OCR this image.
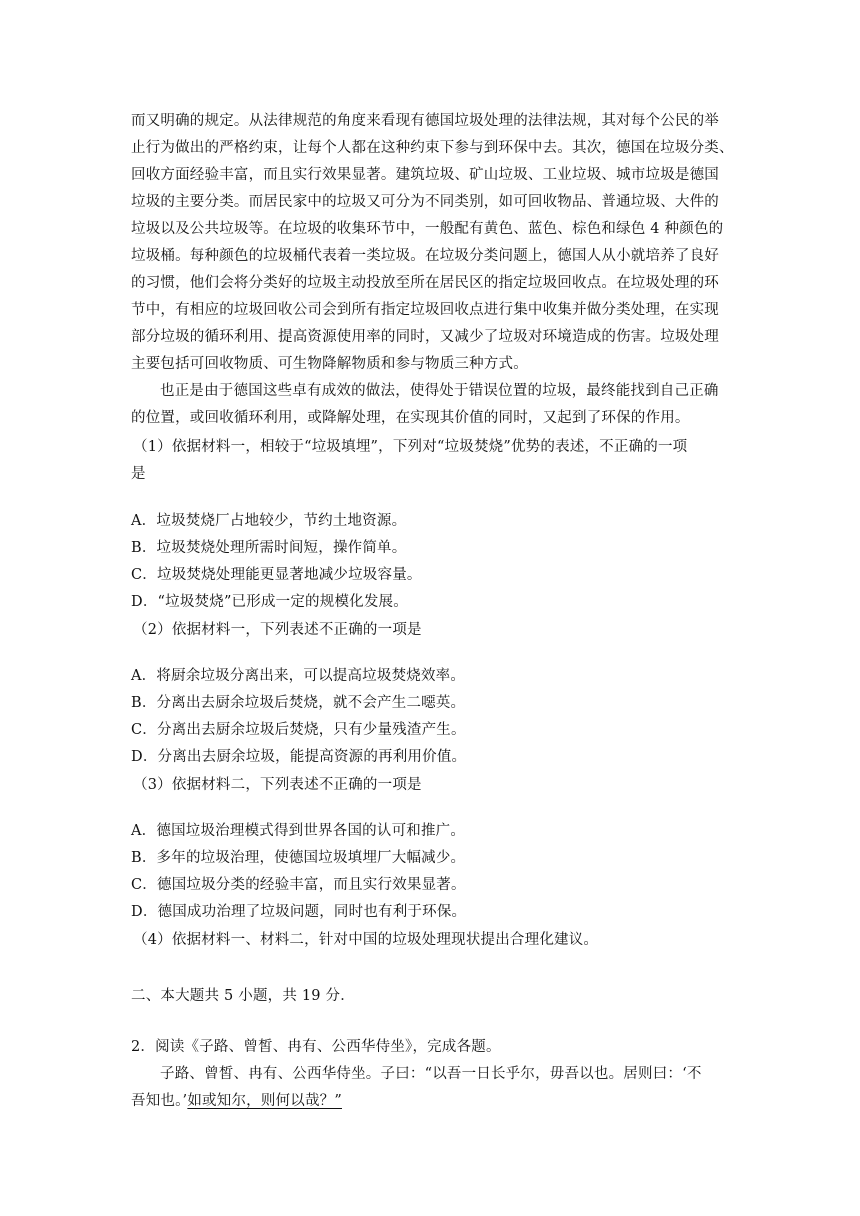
而又明确的规定。从法律规范的角度来看现有德国垃圾处理的法律法规，其对每个公民的举
止行为做出的严格约束，让每个人都在这种约束下参与到环保中去。其次，德国在垃圾分类、
回收方面经验丰富，而且实行效果显著。建筑垃圾、矿山垃圾、工业垃圾、城市垃圾是德国
垃圾的主要分类。而居民家中的垃圾又可分为不同类别，如可回收物品、普通垃圾、大件的
垃圾以及公共垃圾等。在垃圾的收集环节中，一般配有黄色、蓝色、棕色和绿色 4 种颜色的
垃圾桶。每种颜色的垃圾桶代表着一类垃圾。在垃圾分类问题上，德国人从小就培养了良好
的习惯，他们会将分类好的垃圾主动投放至所在居民区的指定垃圾回收点。在垃圾处理的环
节中，有相应的垃圾回收公司会到所有指定垃圾回收点进行集中收集并做分类处理，在实现
部分垃圾的循环利用、提高资源使用率的同时，又减少了垃圾对环境造成的伤害。垃圾处理
主要包括可回收物质、可生物降解物质和参与物质三种方式。
也正是由于德国这些卓有成效的做法，使得处于错误位置的垃圾，最终能找到自己正确
的位置，或回收循环利用，或降解处理，在实现其价值的同时，又起到了环保的作用。
（1）依据材料一，相较于“垃圾填埋”，下列对“垃圾焚烧”优势的表述，不正确的一项
是
A．垃圾焚烧厂占地较少，节约土地资源。
B．垃圾焚烧处理所需时间短，操作简单。
C．垃圾焚烧处理能更显著地减少垃圾容量。
D．“垃圾焚烧”已形成一定的规模化发展。
（2）依据材料一，下列表述不正确的一项是
A．将厨余垃圾分离出来，可以提高垃圾焚烧效率。
B．分离出去厨余垃圾后焚烧，就不会产生二噁英。
C．分离出去厨余垃圾后焚烧，只有少量残渣产生。
D．分离出去厨余垃圾，能提高资源的再利用价值。
（3）依据材料二，下列表述不正确的一项是
A．德国垃圾治理模式得到世界各国的认可和推广。
B．多年的垃圾治理，使德国垃圾填埋厂大幅减少。
C．德国垃圾分类的经验丰富，而且实行效果显著。
D．德国成功治理了垃圾问题，同时也有利于环保。
（4）依据材料一、材料二，针对中国的垃圾处理现状提出合理化建议。
二、本大题共 5 小题，共 19 分．
2．阅读《子路、曾皙、冉有、公西华侍坐》，完成各题。
子路、曾皙、冉有、公西华侍坐。子曰：“以吾一日长乎尔，毋吾以也。居则曰：‘不
吾知也。’如或知尔，则何以哉？”
